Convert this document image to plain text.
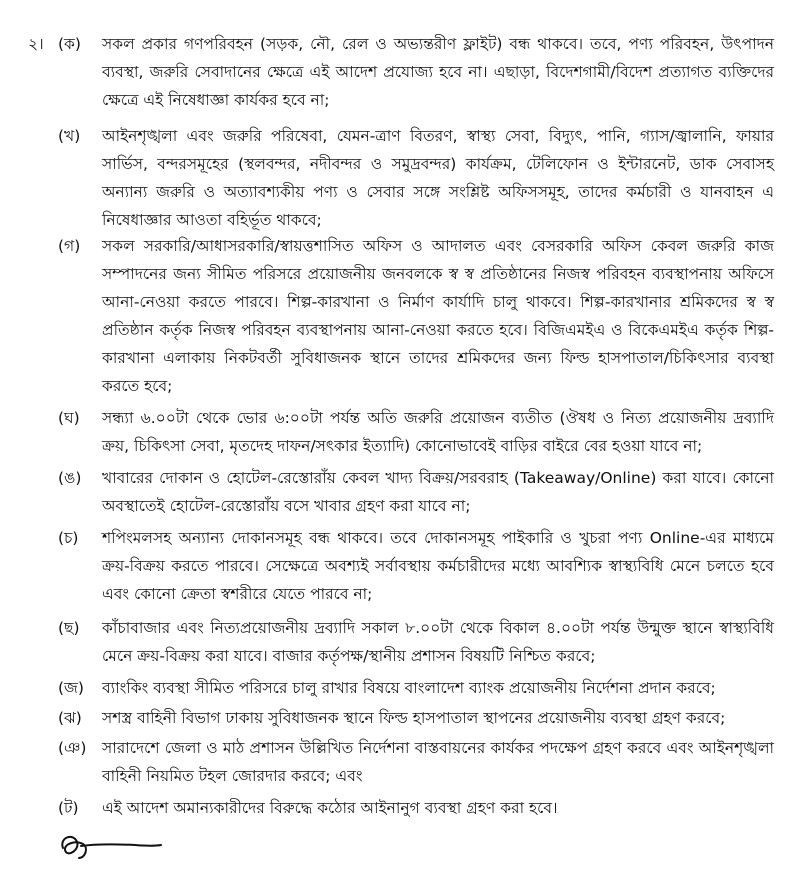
২। (ক)	সকল প্রকার গণপরিবহন (সড়ক, নৌ, রেল ও অভ্যন্তরীণ ফ্লাইট) বন্ধ থাকবে। তবে, পণ্য পরিবহন, উৎপাদন ব্যবস্থা, জরুরি সেবাদানের ক্ষেত্রে এই আদেশ প্রযোজ্য হবে না। এছাড়া, বিদেশগামী/বিদেশ প্রত্যাগত ব্যক্তিদের ক্ষেত্রে এই নিষেধাজ্ঞা কার্যকর হবে না;
(খ)	আইনশৃঙ্খলা এবং জরুরি পরিষেবা, যেমন-ত্রাণ বিতরণ, স্বাস্থ্য সেবা, বিদ্যুৎ, পানি, গ্যাস/জ্বালানি, ফায়ার সার্ভিস, বন্দরসমূহের (স্থলবন্দর, নদীবন্দর ও সমুদ্রবন্দর) কার্যক্রম, টেলিফোন ও ইন্টারনেট, ডাক সেবাসহ অন্যান্য জরুরি ও অত্যাবশ্যকীয় পণ্য ও সেবার সঙ্গে সংশ্লিষ্ট অফিসসমূহ, তাদের কর্মচারী ও যানবাহন এ নিষেধাজ্ঞার আওতা বহির্ভূত থাকবে;
(গ)	সকল সরকারি/আধাসরকারি/স্বায়ত্তশাসিত অফিস ও আদালত এবং বেসরকারি অফিস কেবল জরুরি কাজ সম্পাদনের জন্য সীমিত পরিসরে প্রয়োজনীয় জনবলকে স্ব স্ব প্রতিষ্ঠানের নিজস্ব পরিবহন ব্যবস্থাপনায় অফিসে আনা-নেওয়া করতে পারবে। শিল্প-কারখানা ও নির্মাণ কার্যাদি চালু থাকবে। শিল্প-কারখানার শ্রমিকদের স্ব স্ব প্রতিষ্ঠান কর্তৃক নিজস্ব পরিবহন ব্যবস্থাপনায় আনা-নেওয়া করতে হবে। বিজিএমইএ ও বিকেএমইএ কর্তৃক শিল্প-কারখানা এলাকায় নিকটবর্তী সুবিধাজনক স্থানে তাদের শ্রমিকদের জন্য ফিল্ড হাসপাতাল/চিকিৎসার ব্যবস্থা করতে হবে;
(ঘ)	সন্ধ্যা ৬.০০টা থেকে ভোর ৬:০০টা পর্যন্ত অতি জরুরি প্রয়োজন ব্যতীত (ঔষধ ও নিত্য প্রয়োজনীয় দ্রব্যাদি ক্রয়, চিকিৎসা সেবা, মৃতদেহ দাফন/সৎকার ইত্যাদি) কোনোভাবেই বাড়ির বাইরে বের হওয়া যাবে না;
(ঙ)	খাবারের দোকান ও হোটেল-রেস্তোরাঁয় কেবল খাদ্য বিক্রয়/সরবরাহ (Takeaway/Online) করা যাবে। কোনো অবস্থাতেই হোটেল-রেস্তোরাঁয় বসে খাবার গ্রহণ করা যাবে না;
(চ)	শপিংমলসহ অন্যান্য দোকানসমূহ বন্ধ থাকবে। তবে দোকানসমূহ পাইকারি ও খুচরা পণ্য Online-এর মাধ্যমে ক্রয়-বিক্রয় করতে পারবে। সেক্ষেত্রে অবশ্যই সর্বাবস্থায় কর্মচারীদের মধ্যে আবশ্যিক স্বাস্থ্যবিধি মেনে চলতে হবে এবং কোনো ক্রেতা স্বশরীরে যেতে পারবে না;
(ছ)	কাঁচাবাজার এবং নিত্যপ্রয়োজনীয় দ্রব্যাদি সকাল ৮.০০টা থেকে বিকাল ৪.০০টা পর্যন্ত উন্মুক্ত স্থানে স্বাস্থ্যবিধি মেনে ক্রয়-বিক্রয় করা যাবে। বাজার কর্তৃপক্ষ/স্থানীয় প্রশাসন বিষয়টি নিশ্চিত করবে;
(জ)	ব্যাংকিং ব্যবস্থা সীমিত পরিসরে চালু রাখার বিষয়ে বাংলাদেশ ব্যাংক প্রয়োজনীয় নির্দেশনা প্রদান করবে;
(ঝ)	সশস্ত্র বাহিনী বিভাগ ঢাকায় সুবিধাজনক স্থানে ফিল্ড হাসপাতাল স্থাপনের প্রয়োজনীয় ব্যবস্থা গ্রহণ করবে;
(ঞ)	সারাদেশে জেলা ও মাঠ প্রশাসন উল্লিখিত নির্দেশনা বাস্তবায়নের কার্যকর পদক্ষেপ গ্রহণ করবে এবং আইনশৃঙ্খলা বাহিনী নিয়মিত টহল জোরদার করবে; এবং
(ট)	এই আদেশ অমান্যকারীদের বিরুদ্ধে কঠোর আইনানুগ ব্যবস্থা গ্রহণ করা হবে।
